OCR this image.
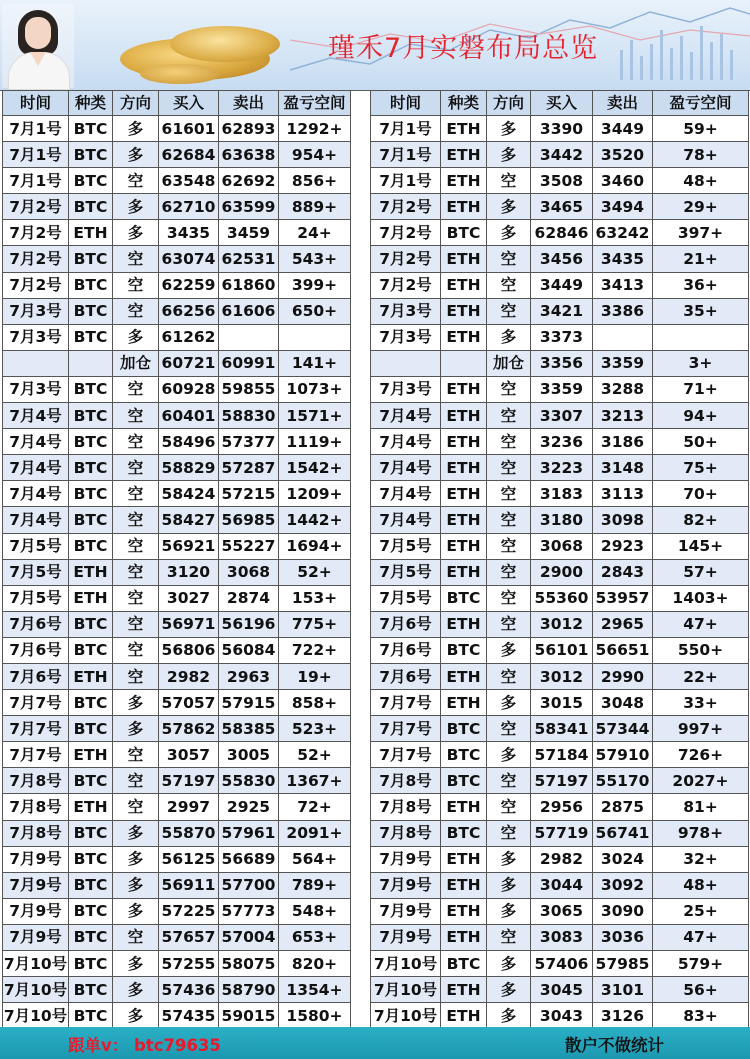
瑾禾7月实磐布局总览
时间	种类	方向	买入	卖出	盈亏空间		时间	种类	方向	买入	卖出	盈亏空间
7月1号	BTC	多	61601	62893	1292+		7月1号	ETH	多	3390	3449	59+
7月1号	BTC	多	62684	63638	954+		7月1号	ETH	多	3442	3520	78+
7月1号	BTC	空	63548	62692	856+		7月1号	ETH	空	3508	3460	48+
7月2号	BTC	多	62710	63599	889+		7月2号	ETH	多	3465	3494	29+
7月2号	ETH	多	3435	3459	24+		7月2号	BTC	多	62846	63242	397+
7月2号	BTC	空	63074	62531	543+		7月2号	ETH	空	3456	3435	21+
7月2号	BTC	空	62259	61860	399+		7月2号	ETH	空	3449	3413	36+
7月3号	BTC	空	66256	61606	650+		7月3号	ETH	空	3421	3386	35+
7月3号	BTC	多	61262				7月3号	ETH	多	3373		
		加仓	60721	60991	141+				加仓	3356	3359	3+
7月3号	BTC	空	60928	59855	1073+		7月3号	ETH	空	3359	3288	71+
7月4号	BTC	空	60401	58830	1571+		7月4号	ETH	空	3307	3213	94+
7月4号	BTC	空	58496	57377	1119+		7月4号	ETH	空	3236	3186	50+
7月4号	BTC	空	58829	57287	1542+		7月4号	ETH	空	3223	3148	75+
7月4号	BTC	空	58424	57215	1209+		7月4号	ETH	空	3183	3113	70+
7月4号	BTC	空	58427	56985	1442+		7月4号	ETH	空	3180	3098	82+
7月5号	BTC	空	56921	55227	1694+		7月5号	ETH	空	3068	2923	145+
7月5号	ETH	空	3120	3068	52+		7月5号	ETH	空	2900	2843	57+
7月5号	ETH	空	3027	2874	153+		7月5号	BTC	空	55360	53957	1403+
7月6号	BTC	空	56971	56196	775+		7月6号	ETH	空	3012	2965	47+
7月6号	BTC	空	56806	56084	722+		7月6号	BTC	多	56101	56651	550+
7月6号	ETH	空	2982	2963	19+		7月6号	ETH	空	3012	2990	22+
7月7号	BTC	多	57057	57915	858+		7月7号	ETH	多	3015	3048	33+
7月7号	BTC	多	57862	58385	523+		7月7号	BTC	空	58341	57344	997+
7月7号	ETH	空	3057	3005	52+		7月7号	BTC	多	57184	57910	726+
7月8号	BTC	空	57197	55830	1367+		7月8号	BTC	空	57197	55170	2027+
7月8号	ETH	空	2997	2925	72+		7月8号	ETH	空	2956	2875	81+
7月8号	BTC	多	55870	57961	2091+		7月8号	BTC	空	57719	56741	978+
7月9号	BTC	多	56125	56689	564+		7月9号	ETH	多	2982	3024	32+
7月9号	BTC	多	56911	57700	789+		7月9号	ETH	多	3044	3092	48+
7月9号	BTC	多	57225	57773	548+		7月9号	ETH	多	3065	3090	25+
7月9号	BTC	空	57657	57004	653+		7月9号	ETH	空	3083	3036	47+
7月10号	BTC	多	57255	58075	820+		7月10号	BTC	多	57406	57985	579+
7月10号	BTC	多	57436	58790	1354+		7月10号	ETH	多	3045	3101	56+
7月10号	BTC	多	57435	59015	1580+		7月10号	ETH	多	3043	3126	83+
跟单v： btc79635	散户不做统计
